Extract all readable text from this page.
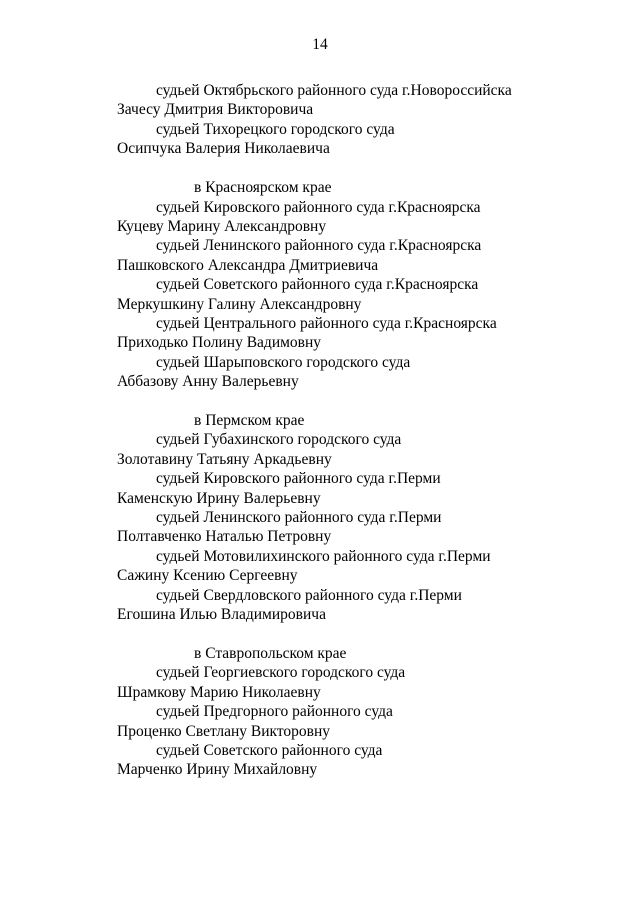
14
судьей Октябрьского районного суда г.Новороссийска
Зачесу Дмитрия Викторовича
судьей Тихорецкого городского суда
Осипчука Валерия Николаевича
в Красноярском крае
судьей Кировского районного суда г.Красноярска
Куцеву Марину Александровну
судьей Ленинского районного суда г.Красноярска
Пашковского Александра Дмитриевича
судьей Советского районного суда г.Красноярска
Меркушкину Галину Александровну
судьей Центрального районного суда г.Красноярска
Приходько Полину Вадимовну
судьей Шарыповского городского суда
Аббазову Анну Валерьевну
в Пермском крае
судьей Губахинского городского суда
Золотавину Татьяну Аркадьевну
судьей Кировского районного суда г.Перми
Каменскую Ирину Валерьевну
судьей Ленинского районного суда г.Перми
Полтавченко Наталью Петровну
судьей Мотовилихинского районного суда г.Перми
Сажину Ксению Сергеевну
судьей Свердловского районного суда г.Перми
Егошина Илью Владимировича
в Ставропольском крае
судьей Георгиевского городского суда
Шрамкову Марию Николаевну
судьей Предгорного районного суда
Проценко Светлану Викторовну
судьей Советского районного суда
Марченко Ирину Михайловну
